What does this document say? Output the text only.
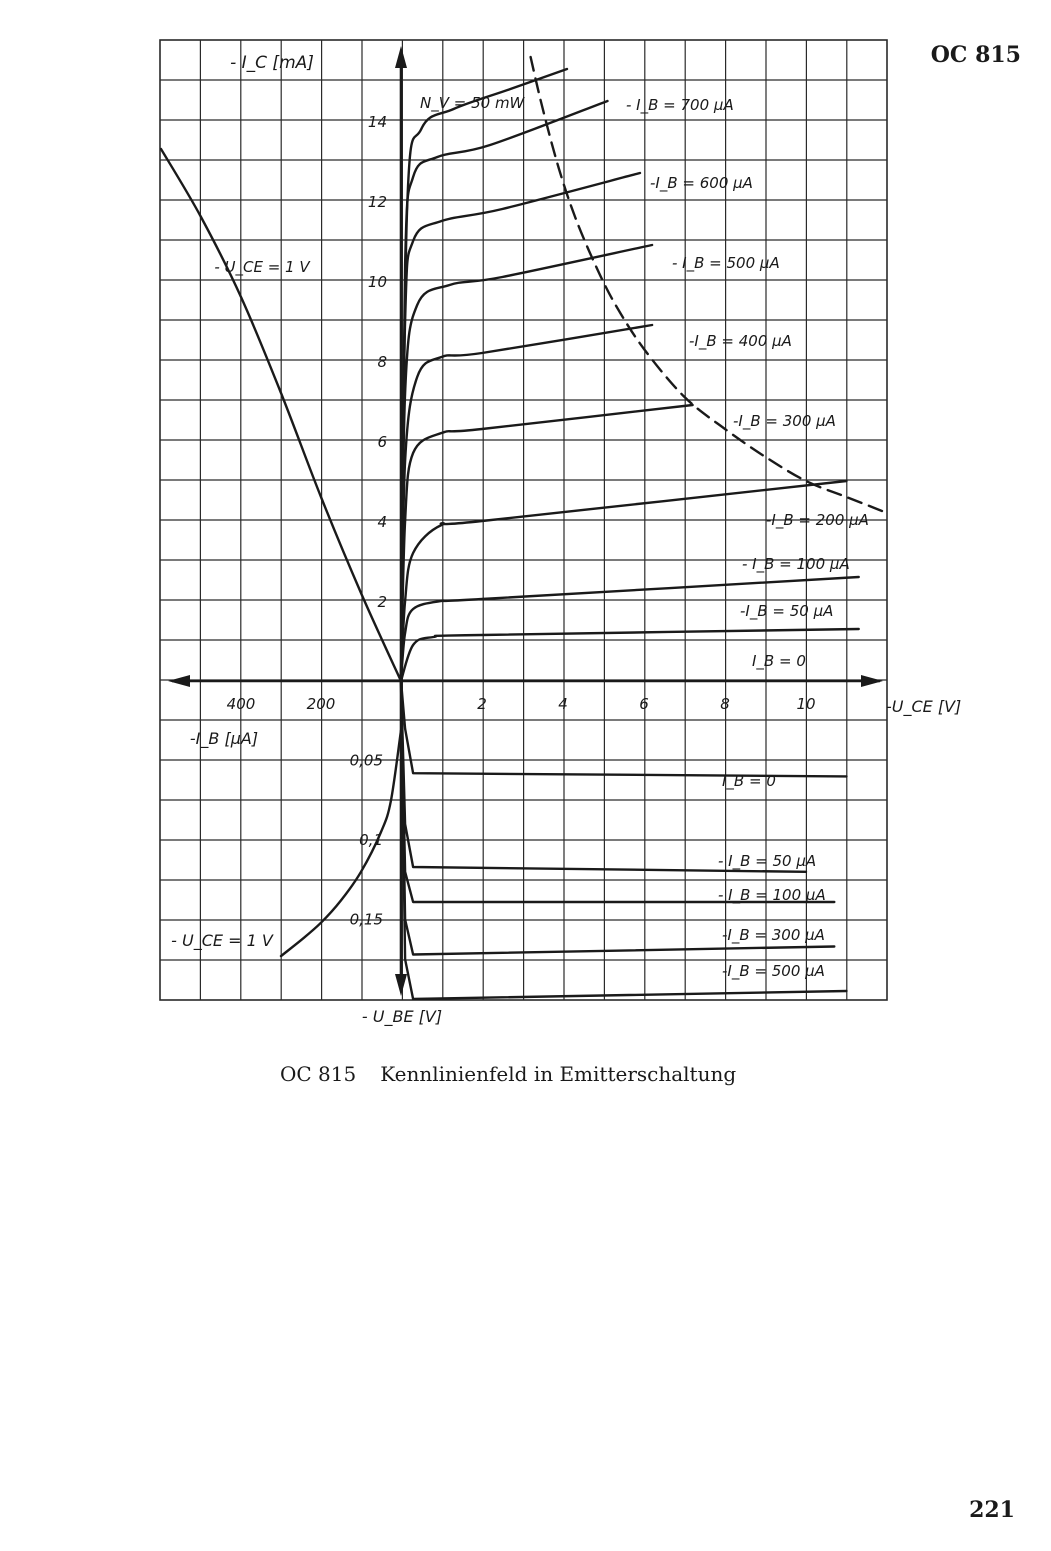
OC 815
2
4
6
8
10
12
14
2	4	6	8	10
400	200
0,05
0,1
0,15
- I_C [mA]
-U_CE [V]
-I_B [µA]
- U_BE [V]
I_B = 0
-I_B = 50 µA
- I_B = 100 µA
-I_B = 200 µA
-I_B = 300 µA
-I_B = 400 µA
- I_B = 500 µA
-I_B = 600 µA
- I_B = 700 µA
N_V = 50 mW
- U_CE = 1 V
- U_CE = 1 V
I_B = 0
- I_B = 50 µA
- I_B = 100 µA
-I_B = 300 µA
-I_B = 500 µA
OC 815 Kennlinienfeld in Emitterschaltung
221
